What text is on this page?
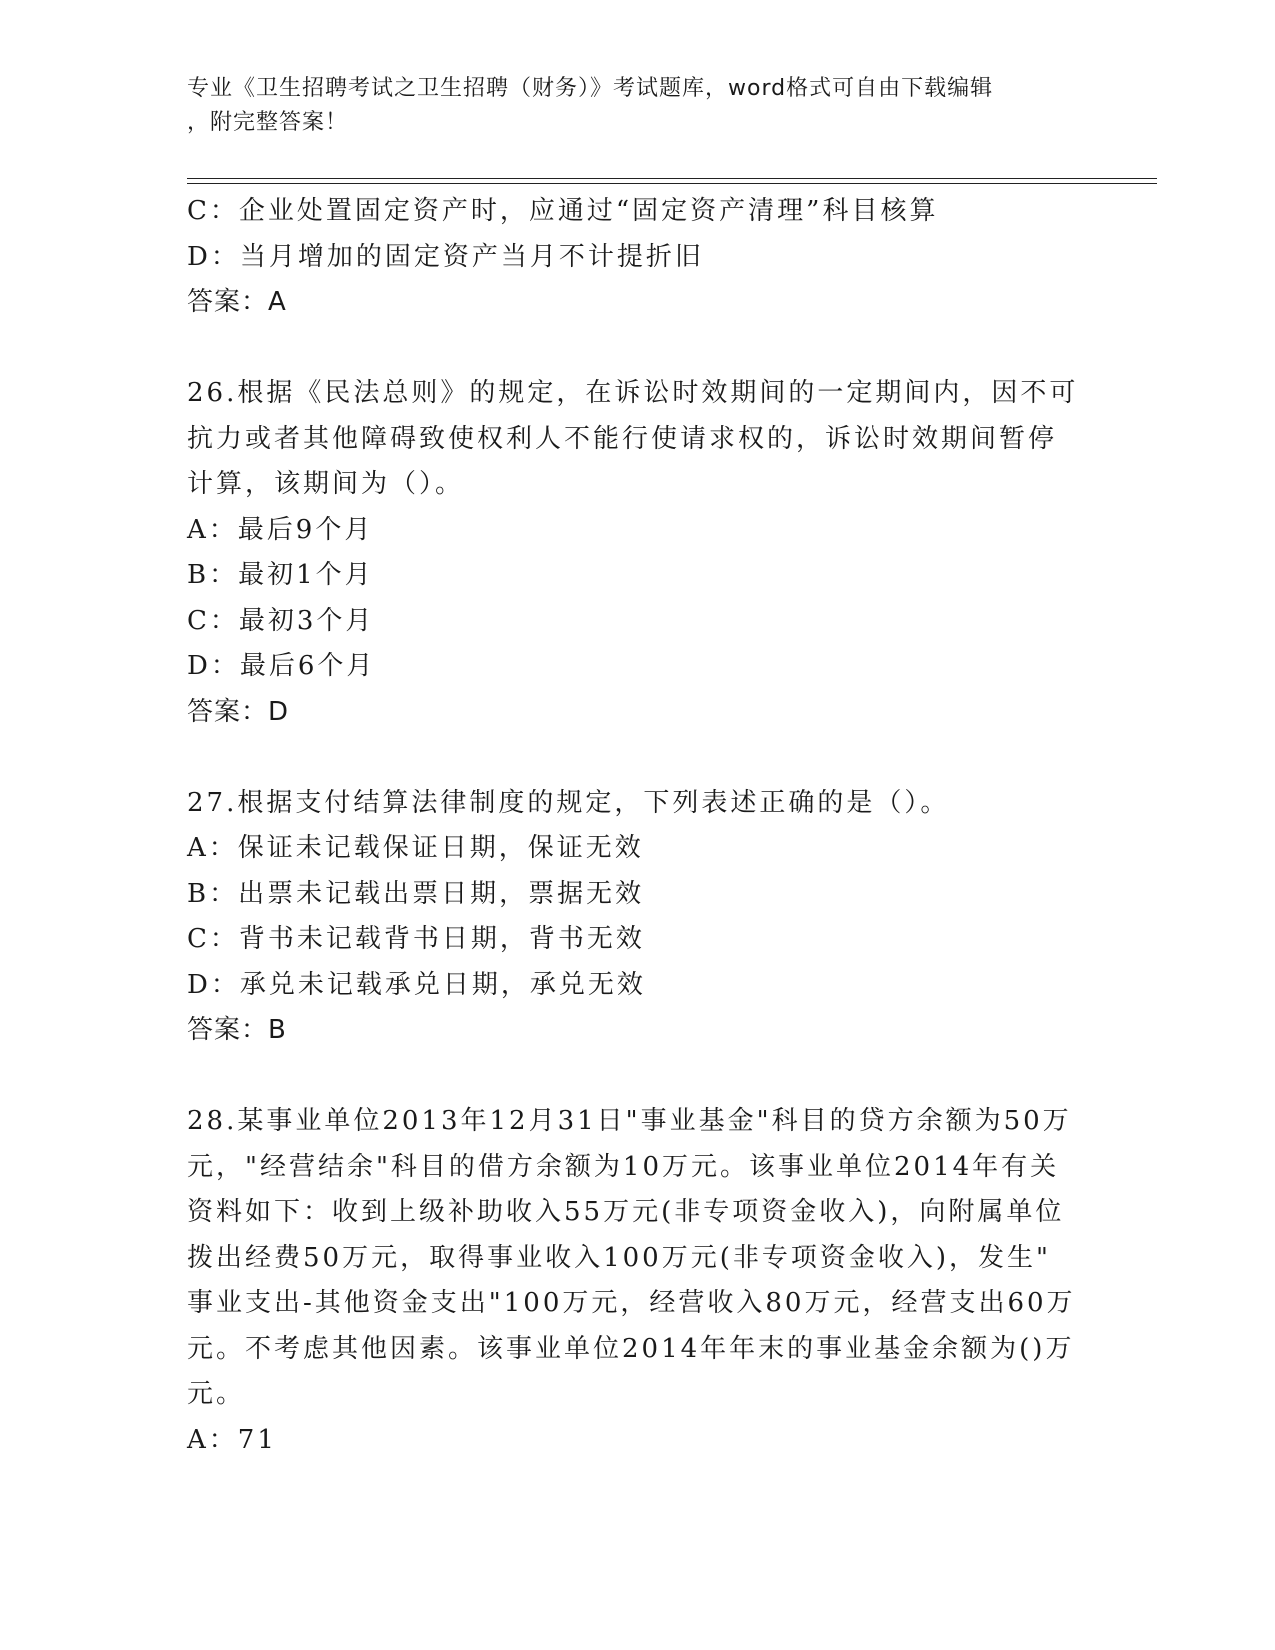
专业《卫生招聘考试之卫生招聘（财务）》考试题库，word格式可自由下载编辑
，附完整答案！
C：企业处置固定资产时，应通过“固定资产清理”科目核算
D：当月增加的固定资产当月不计提折旧
答案：A
26.根据《民法总则》的规定，在诉讼时效期间的一定期间内，因不可
抗力或者其他障碍致使权利人不能行使请求权的，诉讼时效期间暂停
计算，该期间为（）。
A：最后9个月
B：最初1个月
C：最初3个月
D：最后6个月
答案：D
27.根据支付结算法律制度的规定，下列表述正确的是（）。
A：保证未记载保证日期，保证无效
B：出票未记载出票日期，票据无效
C：背书未记载背书日期，背书无效
D：承兑未记载承兑日期，承兑无效
答案：B
28.某事业单位2013年12月31日"事业基金"科目的贷方余额为50万
元，"经营结余"科目的借方余额为10万元。该事业单位2014年有关
资料如下：收到上级补助收入55万元(非专项资金收入)，向附属单位
拨出经费50万元，取得事业收入100万元(非专项资金收入)，发生"
事业支出-其他资金支出"100万元，经营收入80万元，经营支出60万
元。不考虑其他因素。该事业单位2014年年末的事业基金余额为()万
元。
A：71
